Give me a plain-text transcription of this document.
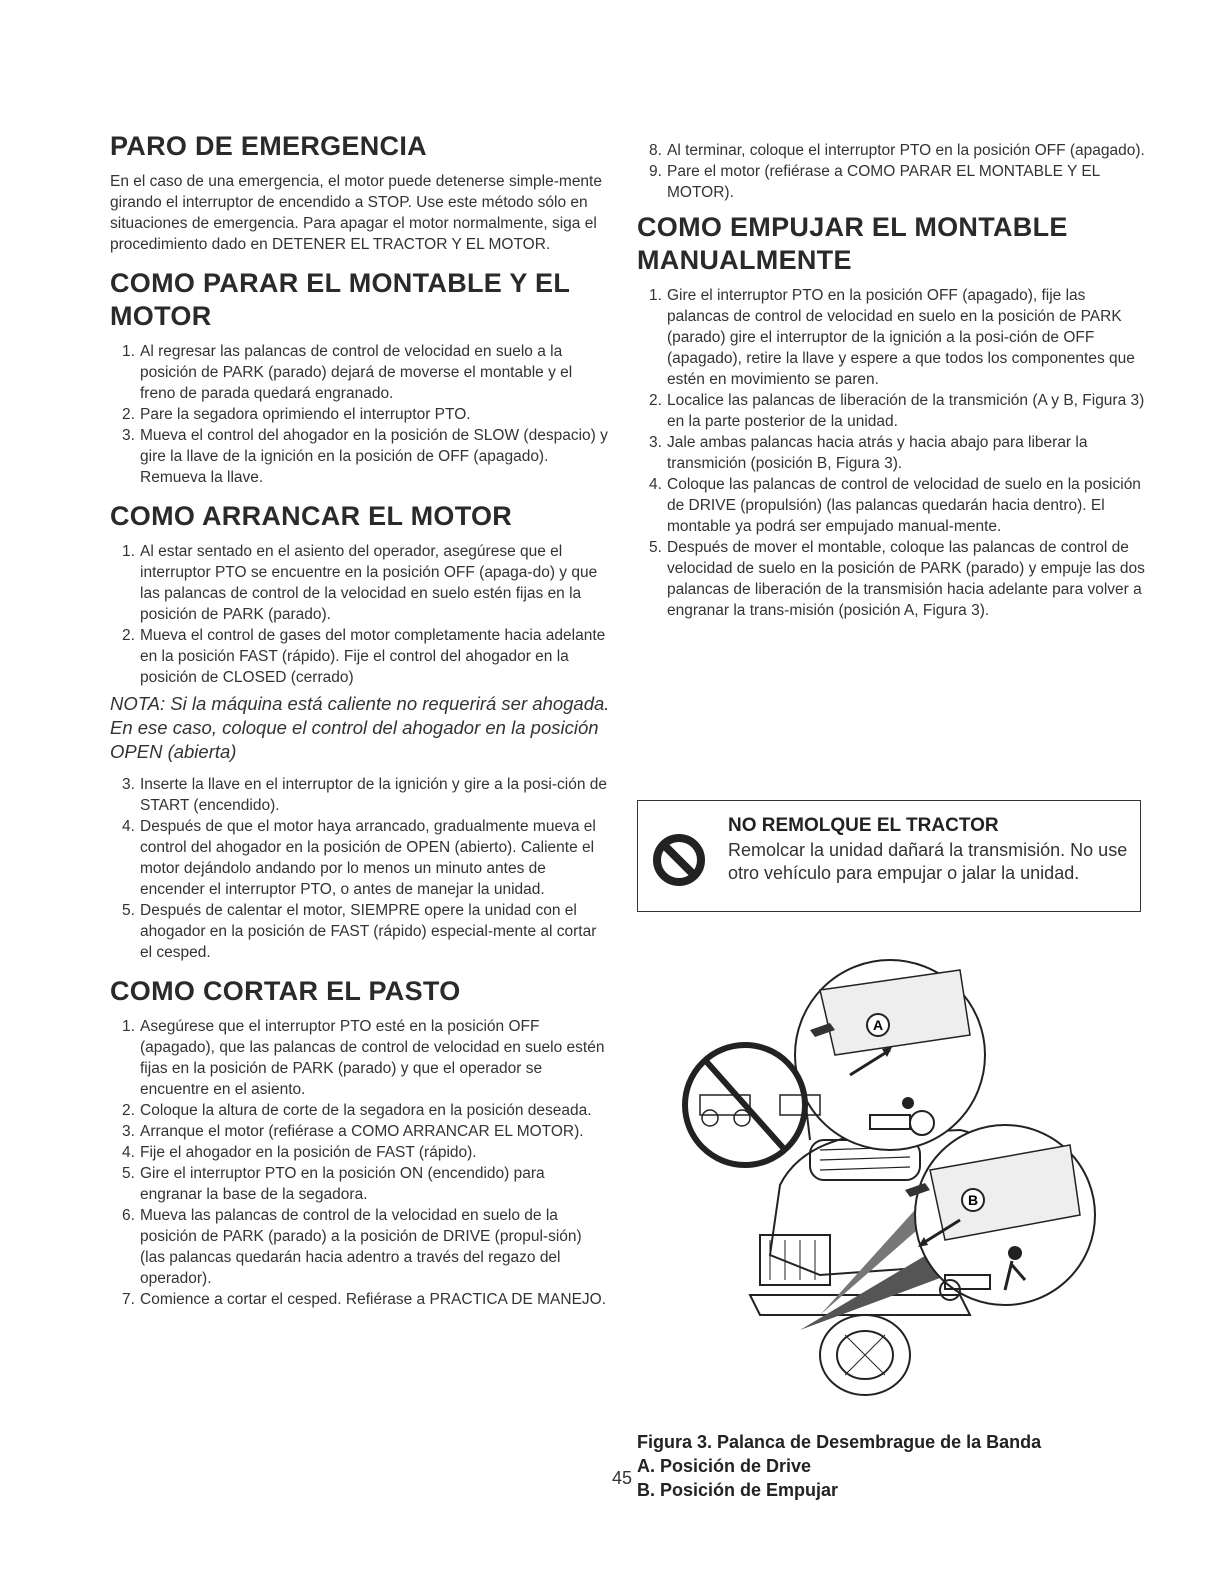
PARO DE EMERGENCIA

En el caso de una emergencia, el motor puede detenerse simple-mente girando el interruptor de encendido a STOP. Use este método sólo en situaciones de emergencia. Para apagar el motor normalmente, siga el procedimiento dado en DETENER EL TRACTOR Y EL MOTOR.

COMO PARAR EL MONTABLE Y EL MOTOR
1. Al regresar las palancas de control de velocidad en suelo a la posición de PARK (parado) dejará de moverse el montable y el freno de parada quedará engranado.
2. Pare la segadora oprimiendo el interruptor PTO.
3. Mueva el control del ahogador en la posición de SLOW (despacio) y gire la llave de la ignición en la posición de OFF (apagado). Remueva la llave.
COMO ARRANCAR EL MOTOR
1. Al estar sentado en el asiento del operador, asegúrese que el interruptor PTO se encuentre en la posición OFF (apaga-do) y que las palancas de control de la velocidad en suelo estén fijas en la posición de PARK (parado).
2. Mueva el control de gases del motor completamente hacia adelante en la posición FAST (rápido). Fije el control del ahogador en la posición de CLOSED (cerrado)
NOTA: Si la máquina está caliente no requerirá ser ahogada. En ese caso, coloque el control del ahogador en la posición OPEN (abierta)
3. Inserte la llave en el interruptor de la ignición y gire a la posi-ción de START (encendido).
4. Después de que el motor haya arrancado, gradualmente mueva el control del ahogador en la posición de OPEN (abierto). Caliente el motor dejándolo andando por lo menos un minuto antes de encender el interruptor PTO, o antes de manejar la unidad.
5. Después de calentar el motor, SIEMPRE opere la unidad con el ahogador en la posición de FAST (rápido) especial-mente al cortar el cesped.
COMO CORTAR EL PASTO
1. Asegúrese que el interruptor PTO esté en la posición OFF (apagado), que las palancas de control de velocidad en suelo estén fijas en la posición de PARK (parado) y que el operador se encuentre en el asiento.
2. Coloque la altura de corte de la segadora en la posición deseada.
3. Arranque el motor (refiérase a COMO ARRANCAR EL MOTOR).
4. Fije el ahogador en la posición de FAST (rápido).
5. Gire el interruptor PTO en la posición ON (encendido) para engranar la base de la segadora.
6. Mueva las palancas de control de la velocidad en suelo de la posición de PARK (parado) a la posición de DRIVE (propul-sión) (las palancas quedarán hacia adentro a través del regazo del operador).
7. Comience a cortar el cesped. Refiérase a PRACTICA DE MANEJO.
8. Al terminar, coloque el interruptor PTO en la posición OFF (apagado).
9. Pare el motor (refiérase a COMO PARAR EL MONTABLE Y EL MOTOR).
COMO EMPUJAR EL MONTABLE MANUALMENTE
1. Gire el interruptor PTO en la posición OFF (apagado), fije las palancas de control de velocidad en suelo en la posición de PARK (parado) gire el interruptor de la ignición a la posi-ción de OFF (apagado), retire la llave y espere a que todos los componentes que estén en movimiento se paren.
2. Localice las palancas de liberación de la transmición (A y B, Figura 3) en la parte posterior de la unidad.
3. Jale ambas palancas hacia atrás y hacia abajo para liberar la transmición (posición B, Figura 3).
4. Coloque las palancas de control de velocidad de suelo en la posición de DRIVE (propulsión) (las palancas quedarán hacia dentro). El montable ya podrá ser empujado manual-mente.
5. Después de mover el montable, coloque las palancas de control de velocidad de suelo en la posición de PARK (parado) y empuje las dos palancas de liberación de la transmisión hacia adelante para volver a engranar la trans-misión (posición A, Figura 3).
NO REMOLQUE EL TRACTOR
Remolcar la unidad dañará la transmisión. No use otro vehículo para empujar o jalar la unidad.
A
B
Figura 3. Palanca de Desembrague de la Banda
A. Posición de Drive
B. Posición de Empujar
45
